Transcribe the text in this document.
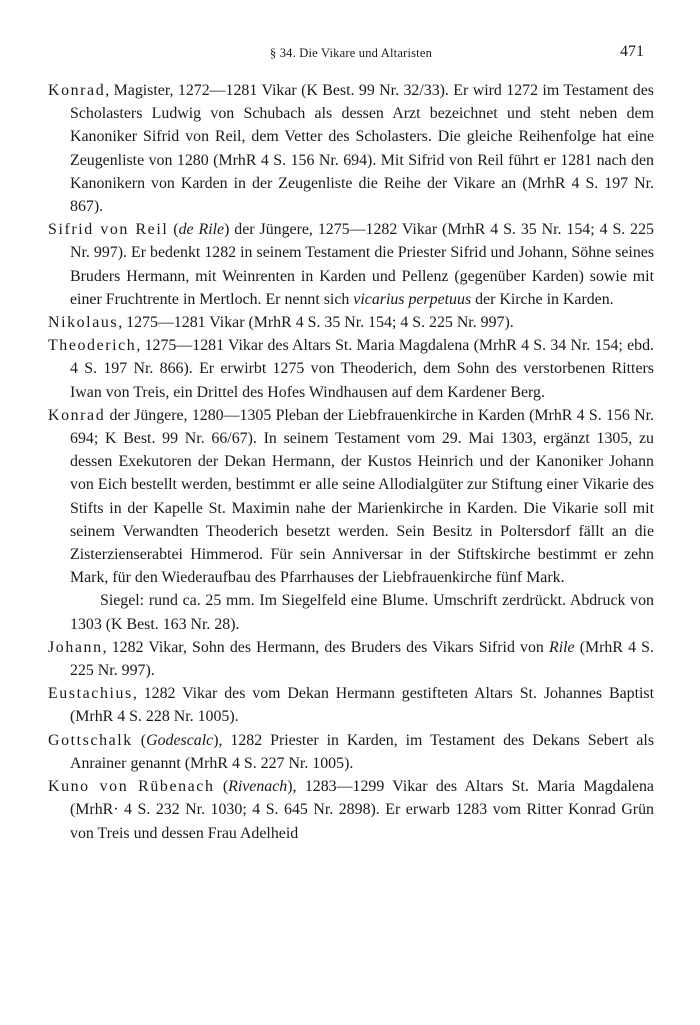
§ 34. Die Vikare und Altaristen	471

Konrad, Magister, 1272—1281 Vikar (K Best. 99 Nr. 32/33). Er wird 1272 im Testament des Scholasters Ludwig von Schubach als dessen Arzt bezeichnet und steht neben dem Kanoniker Sifrid von Reil, dem Vetter des Scholasters. Die gleiche Reihenfolge hat eine Zeugenliste von 1280 (MrhR 4 S. 156 Nr. 694). Mit Sifrid von Reil führt er 1281 nach den Kanonikern von Karden in der Zeugenliste die Reihe der Vikare an (MrhR 4 S. 197 Nr. 867).

Sifrid von Reil (de Rile) der Jüngere, 1275—1282 Vikar (MrhR 4 S. 35 Nr. 154; 4 S. 225 Nr. 997). Er bedenkt 1282 in seinem Testament die Priester Sifrid und Johann, Söhne seines Bruders Hermann, mit Weinrenten in Karden und Pellenz (gegenüber Karden) sowie mit einer Fruchtrente in Mertloch. Er nennt sich vicarius perpetuus der Kirche in Karden.

Nikolaus, 1275—1281 Vikar (MrhR 4 S. 35 Nr. 154; 4 S. 225 Nr. 997).

Theoderich, 1275—1281 Vikar des Altars St. Maria Magdalena (MrhR 4 S. 34 Nr. 154; ebd. 4 S. 197 Nr. 866). Er erwirbt 1275 von Theoderich, dem Sohn des verstorbenen Ritters Iwan von Treis, ein Drittel des Hofes Windhausen auf dem Kardener Berg.

Konrad der Jüngere, 1280—1305 Pleban der Liebfrauenkirche in Karden (MrhR 4 S. 156 Nr. 694; K Best. 99 Nr. 66/67). In seinem Testament vom 29. Mai 1303, ergänzt 1305, zu dessen Exekutoren der Dekan Hermann, der Kustos Heinrich und der Kanoniker Johann von Eich bestellt werden, bestimmt er alle seine Allodialgüter zur Stiftung einer Vikarie des Stifts in der Kapelle St. Maximin nahe der Marienkirche in Karden. Die Vikarie soll mit seinem Verwandten Theoderich besetzt werden. Sein Besitz in Poltersdorf fällt an die Zisterzienserabtei Himmerod. Für sein Anniversar in der Stiftskirche bestimmt er zehn Mark, für den Wiederaufbau des Pfarrhauses der Liebfrauenkirche fünf Mark.

Siegel: rund ca. 25 mm. Im Siegelfeld eine Blume. Umschrift zerdrückt. Abdruck von 1303 (K Best. 163 Nr. 28).

Johann, 1282 Vikar, Sohn des Hermann, des Bruders des Vikars Sifrid von Rile (MrhR 4 S. 225 Nr. 997).

Eustachius, 1282 Vikar des vom Dekan Hermann gestifteten Altars St. Johannes Baptist (MrhR 4 S. 228 Nr. 1005).

Gottschalk (Godescalc), 1282 Priester in Karden, im Testament des Dekans Sebert als Anrainer genannt (MrhR 4 S. 227 Nr. 1005).

Kuno von Rübenach (Rivenach), 1283—1299 Vikar des Altars St. Maria Magdalena (MrhR· 4 S. 232 Nr. 1030; 4 S. 645 Nr. 2898). Er erwarb 1283 vom Ritter Konrad Grün von Treis und dessen Frau Adelheid
